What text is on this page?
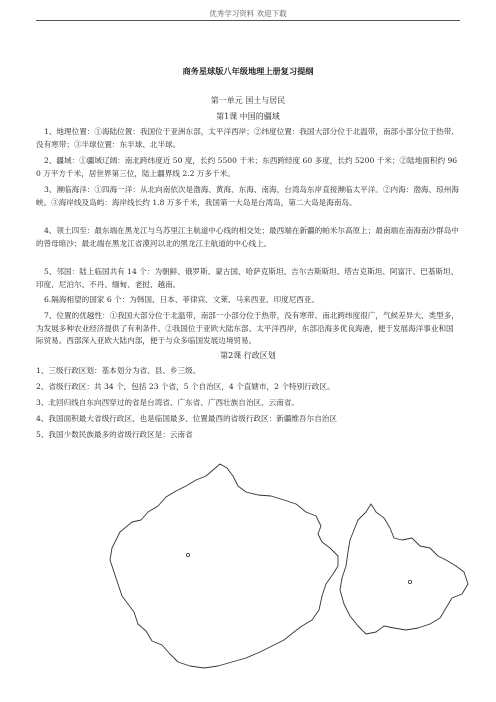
优秀学习资料 欢迎下载
商务星球版八年级地理上册复习提纲
第一单元 国土与居民
第1课 中国的疆域
1、地理位置：①海陆位置：我国位于亚洲东部，太平洋西岸；②纬度位置：我国大部分位于北温带，南部小部分位于热带,没有寒带；③半球位置：东半球、北半球。
2、疆域：①疆域辽阔：南北跨纬度近 50 度，长约 5500 千米；东西跨经度 60 多度，长约 5200 千米；②陆地面积约 960 万平方千米，居世界第三位，陆上疆界线 2.2 万多千米。
3、濒临海洋：①四海一洋：从北向南依次是渤海、黄海、东海、南海，台湾岛东岸直接濒临太平洋。②内海：渤海、琼州海峡。③海岸线及岛屿：海岸线长约 1.8 万多千米，我国第一大岛是台湾岛，第二大岛是海南岛。
4、领土四至：最东端在黑龙江与乌苏里江主航道中心线的相交处；最西端在新疆的帕米尔高原上；最南端在南海南沙群岛中的曾母暗沙；最北端在黑龙江省漠河以北的黑龙江主航道的中心线上。
5、邻国：陆上临国共有 14 个：为朝鲜、俄罗斯、蒙古国、哈萨克斯坦、吉尔吉斯斯坦、塔吉克斯坦、阿富汗、巴基斯坦、印度、尼泊尔、不丹、缅甸、老挝、越南。
6.隔海相望的国家 6 个：为韩国、日本、菲律宾、文莱、马来西亚、印度尼西亚。
7、位置的优越性：①我国大部分位于北温带，南部一小部分位于热带，没有寒带。南北跨纬度很广，气候差异大、类型多，为发展多种农业经济提供了有利条件。②我国位于亚欧大陆东部、太平洋西岸，东部沿海多优良海港，便于发展海洋事业和国际贸易。西部深入亚欧大陆内部，便于与众多临国发展边境贸易。
第2课 行政区划
1、三级行政区划：基本划分为省、县、乡三级。
2、省级行政区：共 34 个，包括 23 个省，5 个自治区，4 个直辖市，2 个特别行政区。
3、北回归线自东向西穿过的省是台湾省、广东省、广西壮族自治区、云南省。
4、我国面积最大省级行政区、也是临国最多、位置最西的省级行政区：新疆维吾尔自治区
5、我国少数民族最多的省级行政区是：云南省
